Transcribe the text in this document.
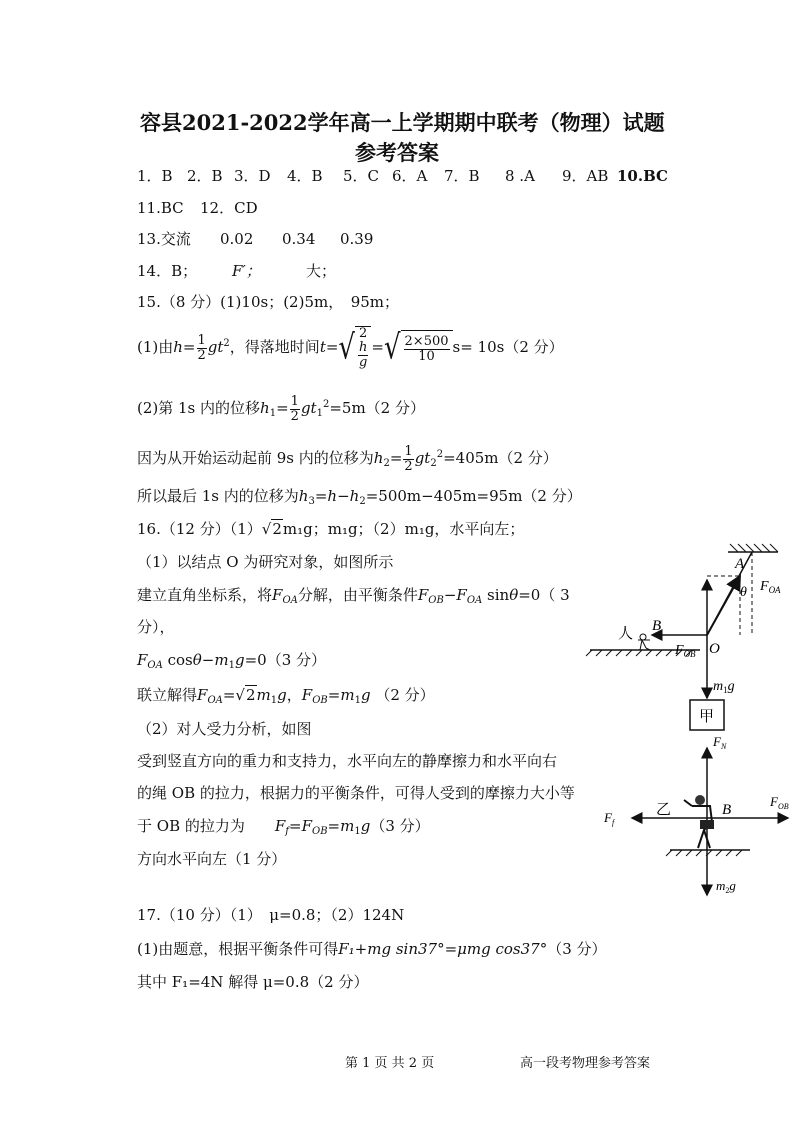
容县2021-2022学年高一上学期期中联考（物理）试题
参考答案
1．B 2．B 3．D 4．B 5．C 6．A 7．B 8 .A 9．AB 10.BC
11.BC 12．CD
13.交流 0.02 0.34 0.39
14．B； F′；	大；
15.（8 分）(1)10s；(2)5m，　95m；
(1)由$h= \frac{1}{2} gt^2$，得落地时间t=√ 2
h
g =√ $\frac{2\times 500}{10} s= 10s(2$ 分）
(2)第 1s 内的位移$h_1= \frac{1}{2} gt_1^2=5m(2$ 分）
因为从开始运动起前 9s 内的位移为$h_2= \frac{1}{2} gt_2^2=405m(2$ 分）
所以最后 1s 内的位移为$h_3=h-h_2=500m-405m=95m(2$ 分）
16.（12 分）（1）√2m₁g；m₁g；（2）m₁g，水平向左；
（1）以结点 O 为研究对象，如图所示
建立直角坐标系，将$F_{OA}$分解，由平衡条件$F_{OB}-F_{OA}$ sinθ=0（ 3
分），
$F_{OA}$ $\cos\theta-m_1g=0(3$ 分）
联立解得$F_{OA}=√2m_1g$，$F_{OB}=m_1g$ （2 分）
（2）对人受力分析，如图
受到竖直方向的重力和支持力，水平向左的静摩擦力和水平向右
的绳 OB 的拉力，根据力的平衡条件，可得人受到的摩擦力大小等
于 OB 的拉力为　　 $F_f=F_{OB}=m_1g(3$ 分）
方向水平向左（1 分）
17.（10 分）（1）　μ=0.8；（2）124N
(1)由题意，根据平衡条件可得F₁+mg sin37°=μmg cos37°（3 分）
其中 F₁=4N 解得 μ=0.8（2 分）
第 1 页 共 2 页	高一段考物理参考答案
A
θ $F_{OA}$
B
人
$F_{OB}$ O
$m_1g$
甲
$F_N$
$F_f$
乙	B
$F_{OB}$
$m_2g$
